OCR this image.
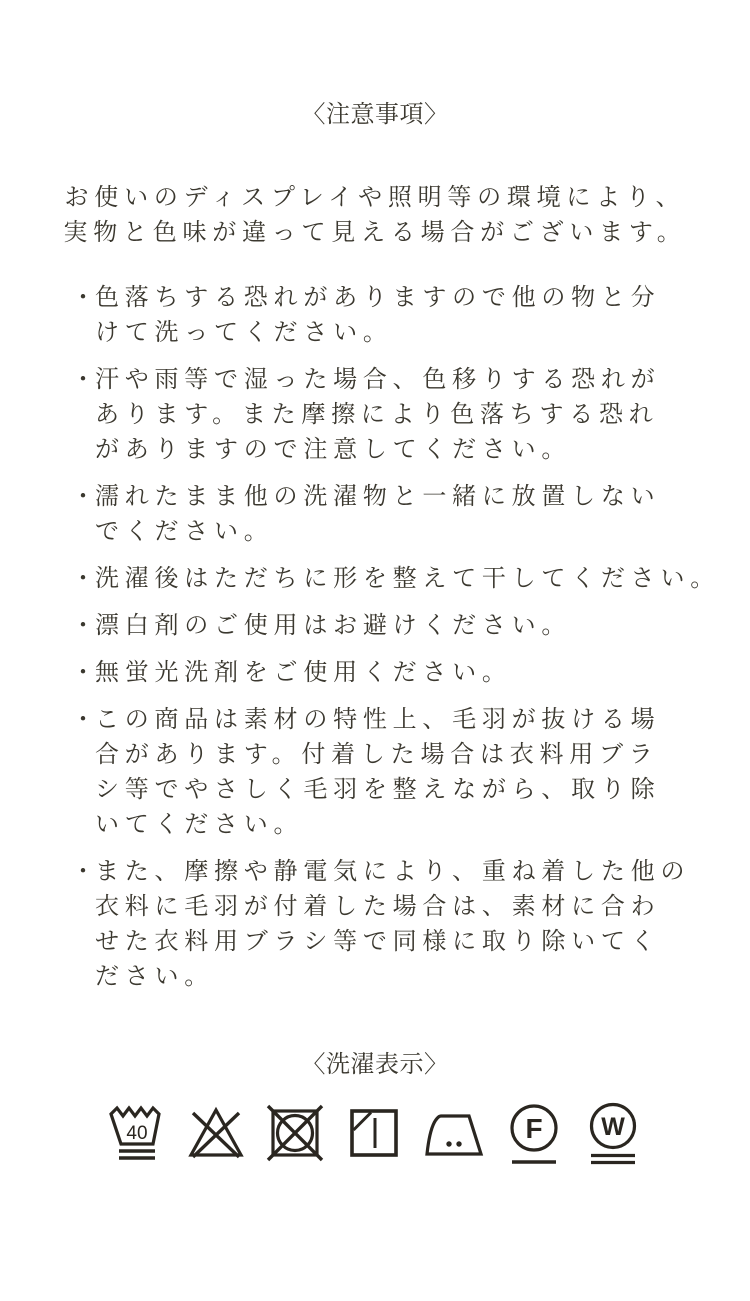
〈注意事項〉
お使いのディスプレイや照明等の環境により、
実物と色味が違って見える場合がございます。
・ 色落ちする恐れがありますので他の物と分
けて洗ってください。
・ 汗や雨等で湿った場合、色移りする恐れが
あります。また摩擦により色落ちする恐れ
がありますので注意してください。
・ 濡れたまま他の洗濯物と一緒に放置しない
でください。
・ 洗濯後はただちに形を整えて干してください。
・ 漂白剤のご使用はお避けください。
・ 無蛍光洗剤をご使用ください。
・ この商品は素材の特性上、毛羽が抜ける場
合があります。付着した場合は衣料用ブラ
シ等でやさしく毛羽を整えながら、取り除
いてください。
・ また、摩擦や静電気により、重ね着した他の
衣料に毛羽が付着した場合は、素材に合わ
せた衣料用ブラシ等で同様に取り除いてく
ださい。
〈洗濯表示〉
40	F W
